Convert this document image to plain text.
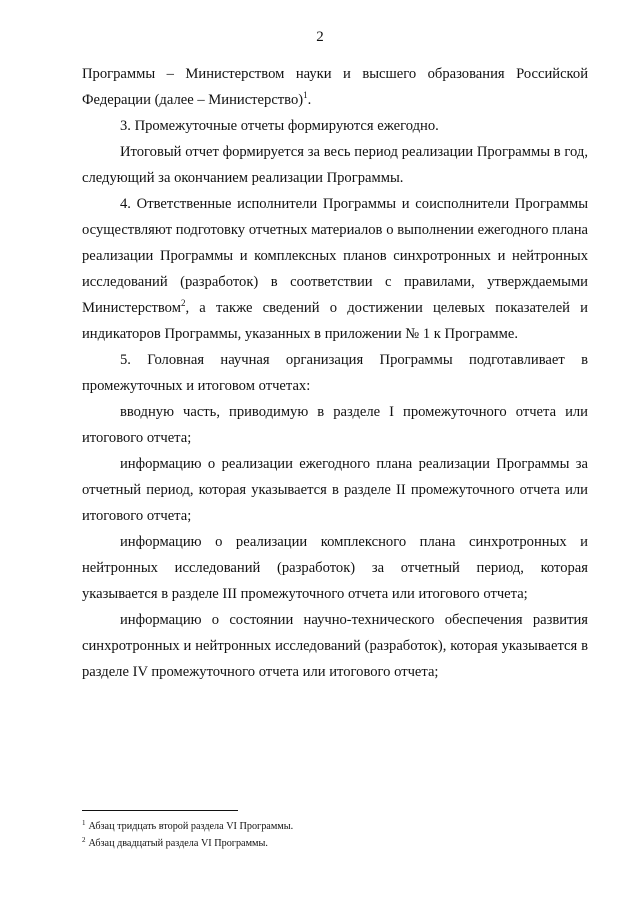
2

Программы – Министерством науки и высшего образования Российской Федерации (далее – Министерство)$^1$.

3. Промежуточные отчеты формируются ежегодно.

Итоговый отчет формируется за весь период реализации Программы в год, следующий за окончанием реализации Программы.

4. Ответственные исполнители Программы и соисполнители Программы осуществляют подготовку отчетных материалов о выполнении ежегодного плана реализации Программы и комплексных планов синхротронных и нейтронных исследований (разработок) в соответствии с правилами, утверждаемыми Министерством$^2$, а также сведений о достижении целевых показателей и индикаторов Программы, указанных в приложении № 1 к Программе.

5. Головная научная организация Программы подготавливает в промежуточных и итоговом отчетах:

вводную часть, приводимую в разделе I промежуточного отчета или итогового отчета;

информацию о реализации ежегодного плана реализации Программы за отчетный период, которая указывается в разделе II промежуточного отчета или итогового отчета;

информацию о реализации комплексного плана синхротронных и нейтронных исследований (разработок) за отчетный период, которая указывается в разделе III промежуточного отчета или итогового отчета;

информацию о состоянии научно-технического обеспечения развития синхротронных и нейтронных исследований (разработок), которая указывается в разделе IV промежуточного отчета или итогового отчета;

$^1$ Абзац тридцать второй раздела VI Программы.

$^2$ Абзац двадцатый раздела VI Программы.
